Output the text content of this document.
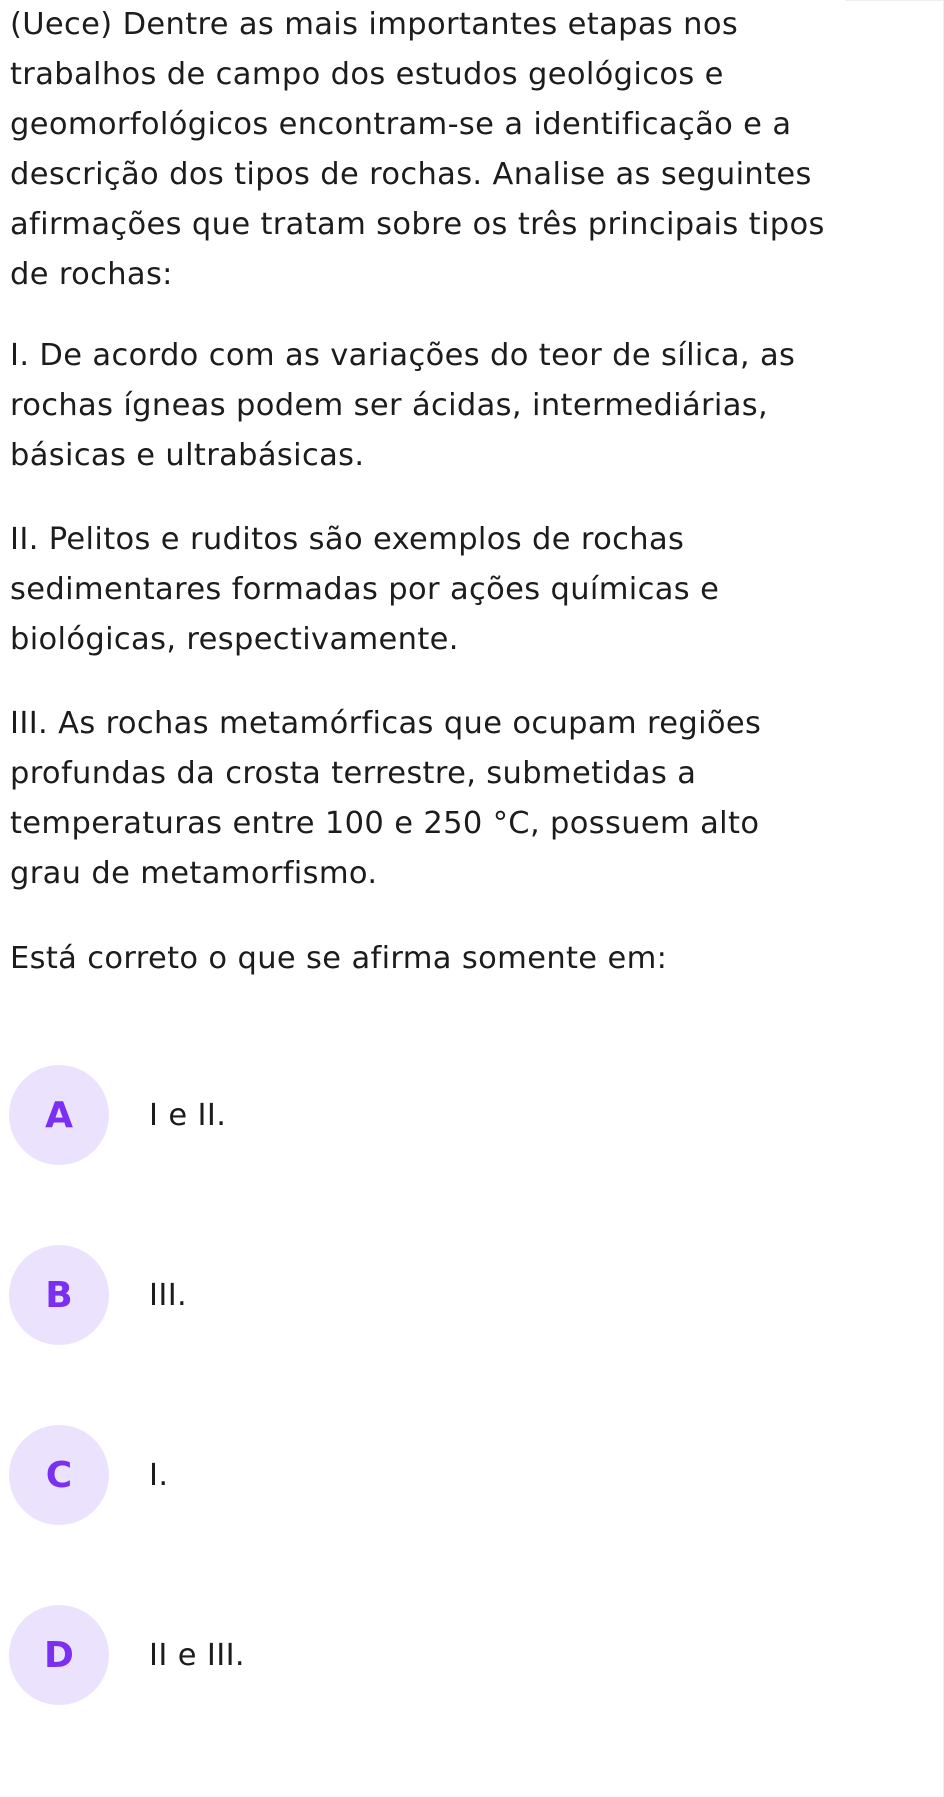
(Uece) Dentre as mais importantes etapas nos
trabalhos de campo dos estudos geológicos e
geomorfológicos encontram-se a identificação e a
descrição dos tipos de rochas. Analise as seguintes
afirmações que tratam sobre os três principais tipos
de rochas:

I. De acordo com as variações do teor de sílica, as
rochas ígneas podem ser ácidas, intermediárias,
básicas e ultrabásicas.

II. Pelitos e ruditos são exemplos de rochas
sedimentares formadas por ações químicas e
biológicas, respectivamente.

III. As rochas metamórficas que ocupam regiões
profundas da crosta terrestre, submetidas a
temperaturas entre 100 e 250 °C, possuem alto
grau de metamorfismo.

Está correto o que se afirma somente em:

A	I e II.
B	III.
C	I.
D	II e III.
